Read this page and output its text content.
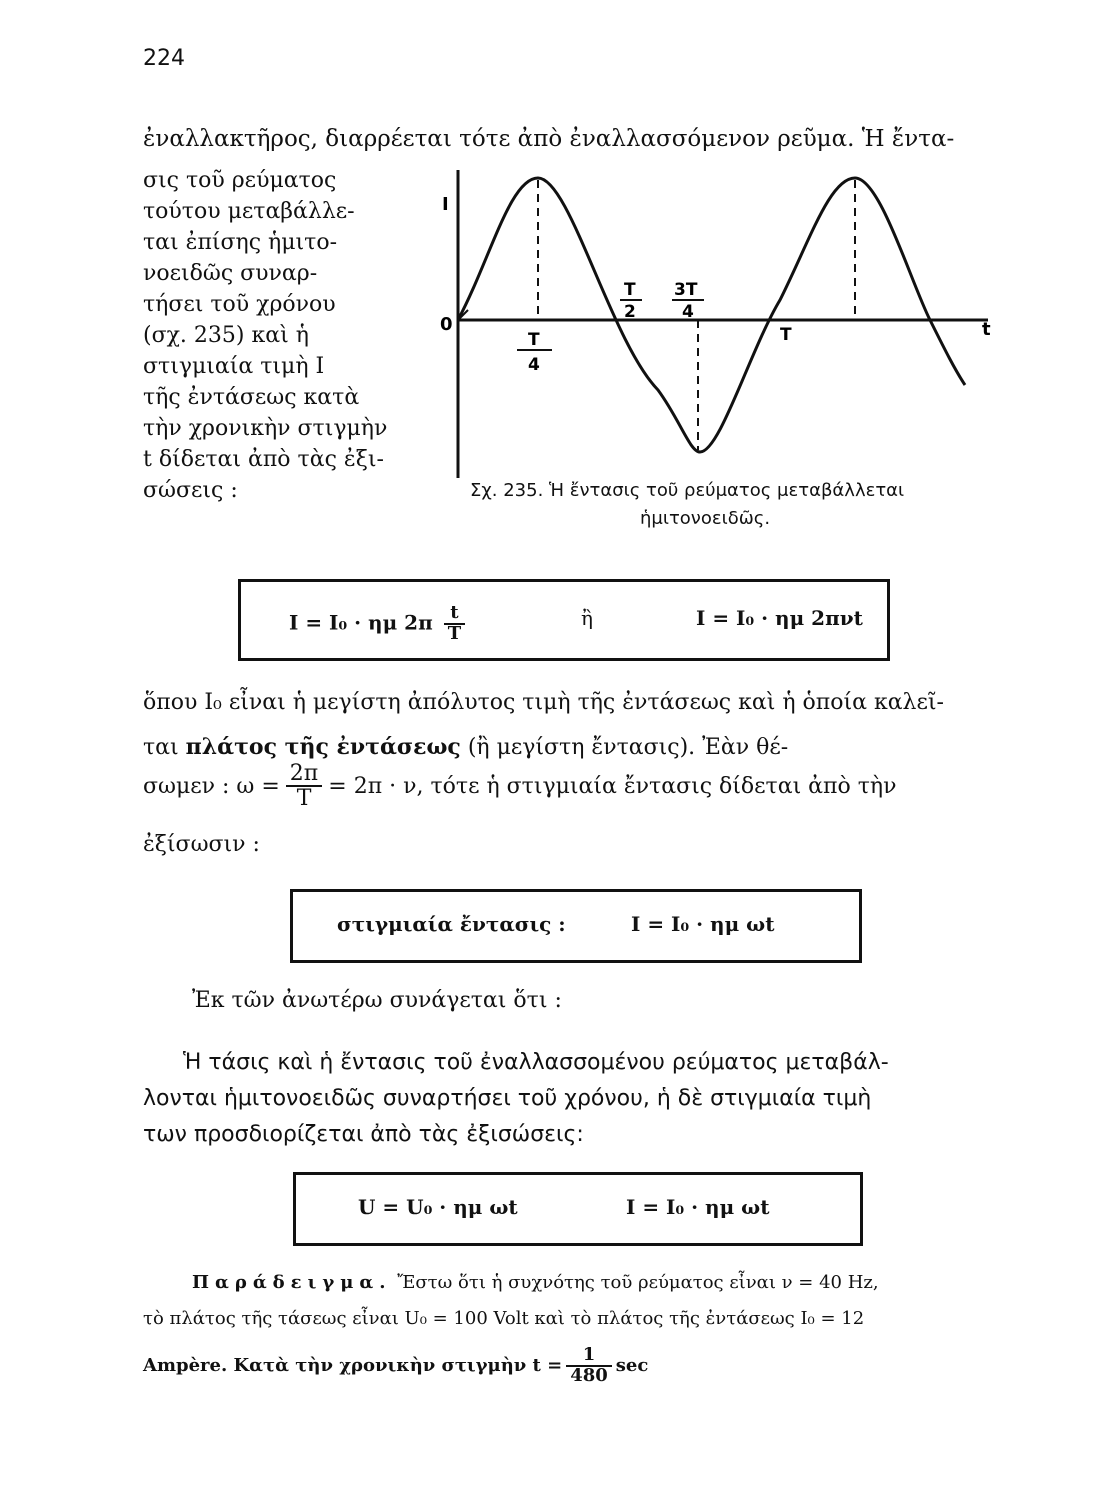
224
ἐναλλακτῆρος, διαρρέεται τότε ἀπὸ ἐναλλασσόμενον ρεῦμα. Ἡ ἔντα-
σις τοῦ ρεύματος
τούτου μεταβάλλε-
ται ἐπίσης ἡμιτο-
νοειδῶς συναρ-
τήσει τοῦ χρόνου
(σχ. 235) καὶ ἡ
στιγμιαία τιμὴ I
τῆς ἐντάσεως κατὰ
τὴν χρονικὴν στιγμὴν
t δίδεται ἀπὸ τὰς ἐξι-
σώσεις :
I
0	t
T
4
T
2
3T
4
T
Σχ. 235. Ἡ ἔντασις τοῦ ρεύματος μεταβάλλεται
ἡμιτονοειδῶς.
I = I₀ · ημ $2\pi \frac{t}{T}$	ἢ	I = I₀ · ημ 2πνt
ὅπου I₀ εἶναι ἡ μεγίστη ἀπόλυτος τιμὴ τῆς ἐντάσεως καὶ ἡ ὁποία καλεῖ-
ται πλάτος τῆς ἐντάσεως (ἢ μεγίστη ἔντασις). Ἐὰν θέ-
σωμεν : $\omega = \frac{2\pi}{T} = 2\pi \cdot \nu$, τότε ἡ στιγμιαία ἔντασις δίδεται ἀπὸ τὴν
ἐξίσωσιν :
στιγμιαία ἔντασις :	I = I₀ · ημ ωt
Ἐκ τῶν ἀνωτέρω συνάγεται ὅτι :
Ἡ τάσις καὶ ἡ ἔντασις τοῦ ἐναλλασσομένου ρεύματος μεταβάλ-
λονται ἡμιτονοειδῶς συναρτήσει τοῦ χρόνου, ἡ δὲ στιγμιαία τιμὴ
των προσδιορίζεται ἀπὸ τὰς ἐξισώσεις:
U = U₀ · ημ ωt	I = I₀ · ημ ωt
Παράδειγμα. Ἔστω ὅτι ἡ συχνότης τοῦ ρεύματος εἶναι ν = 40 Hz,
τὸ πλάτος τῆς τάσεως εἶναι U₀ = 100 Volt καὶ τὸ πλάτος τῆς ἐντάσεως I₀ = 12
Ampère. Κατὰ τὴν χρονικὴν στιγμὴν $t = \frac{1}{480}$ sec
